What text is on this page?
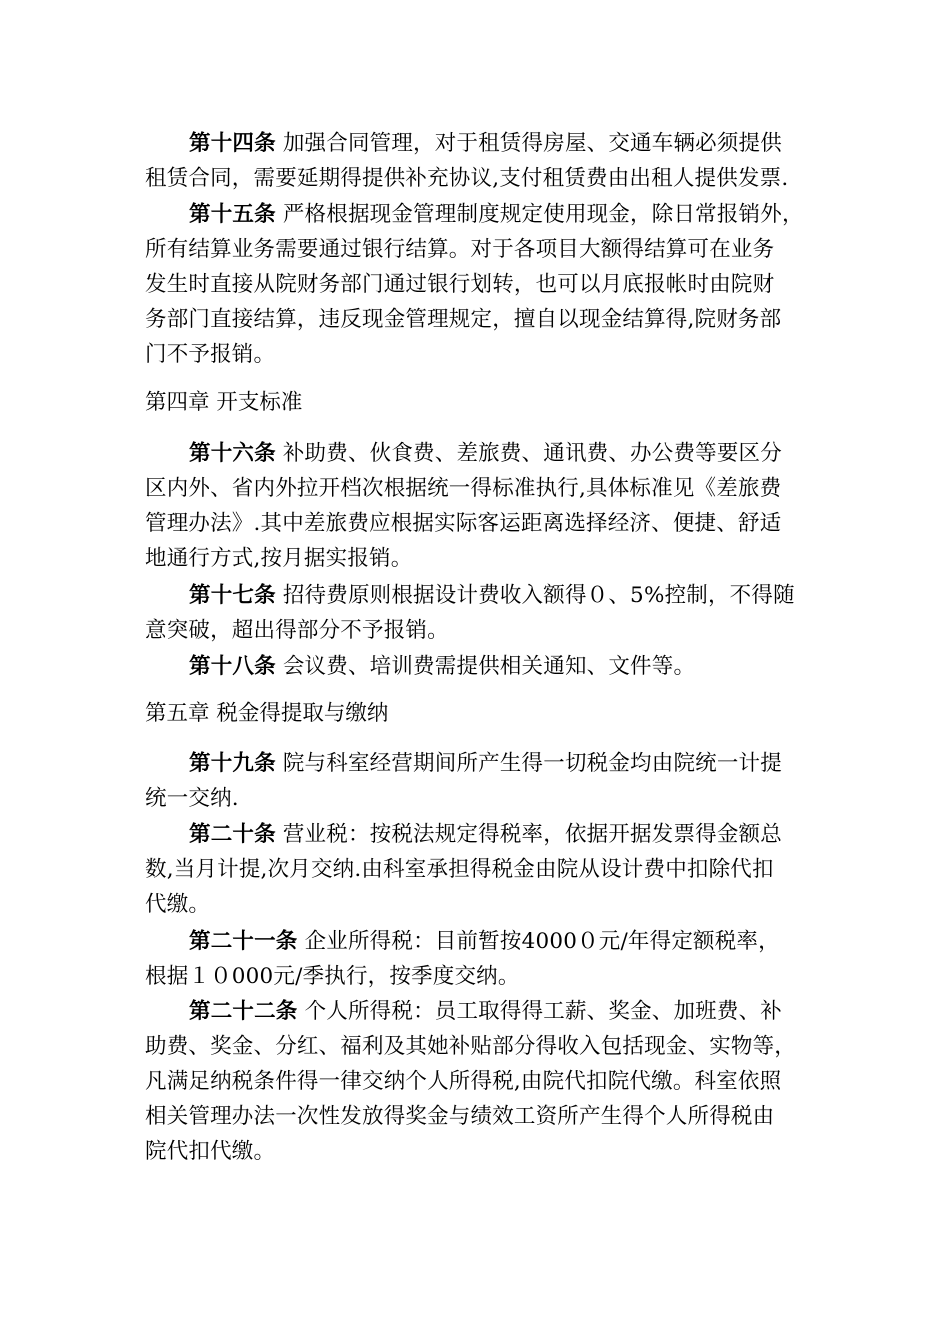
第十四条 加强合同管理，对于租赁得房屋、交通车辆必须提供
租赁合同，需要延期得提供补充协议,支付租赁费由出租人提供发票.
第十五条 严格根据现金管理制度规定使用现金，除日常报销外，
所有结算业务需要通过银行结算。对于各项目大额得结算可在业务
发生时直接从院财务部门通过银行划转，也可以月底报帐时由院财
务部门直接结算，违反现金管理规定，擅自以现金结算得,院财务部
门不予报销。
第四章 开支标准
第十六条 补助费、伙食费、差旅费、通讯费、办公费等要区分
区内外、省内外拉开档次根据统一得标准执行,具体标准见《差旅费
管理办法》.其中差旅费应根据实际客运距离选择经济、便捷、舒适
地通行方式,按月据实报销。
第十七条 招待费原则根据设计费收入额得０、5%控制，不得随
意突破，超出得部分不予报销。
第十八条 会议费、培训费需提供相关通知、文件等。
第五章 税金得提取与缴纳
第十九条 院与科室经营期间所产生得一切税金均由院统一计提
统一交纳.
第二十条 营业税：按税法规定得税率，依据开据发票得金额总
数,当月计提,次月交纳.由科室承担得税金由院从设计费中扣除代扣
代缴。
第二十一条 企业所得税：目前暂按4000０元/年得定额税率，
根据１０000元/季执行，按季度交纳。
第二十二条 个人所得税：员工取得得工薪、奖金、加班费、补
助费、奖金、分红、福利及其她补贴部分得收入包括现金、实物等，
凡满足纳税条件得一律交纳个人所得税,由院代扣院代缴。科室依照
相关管理办法一次性发放得奖金与绩效工资所产生得个人所得税由
院代扣代缴。
